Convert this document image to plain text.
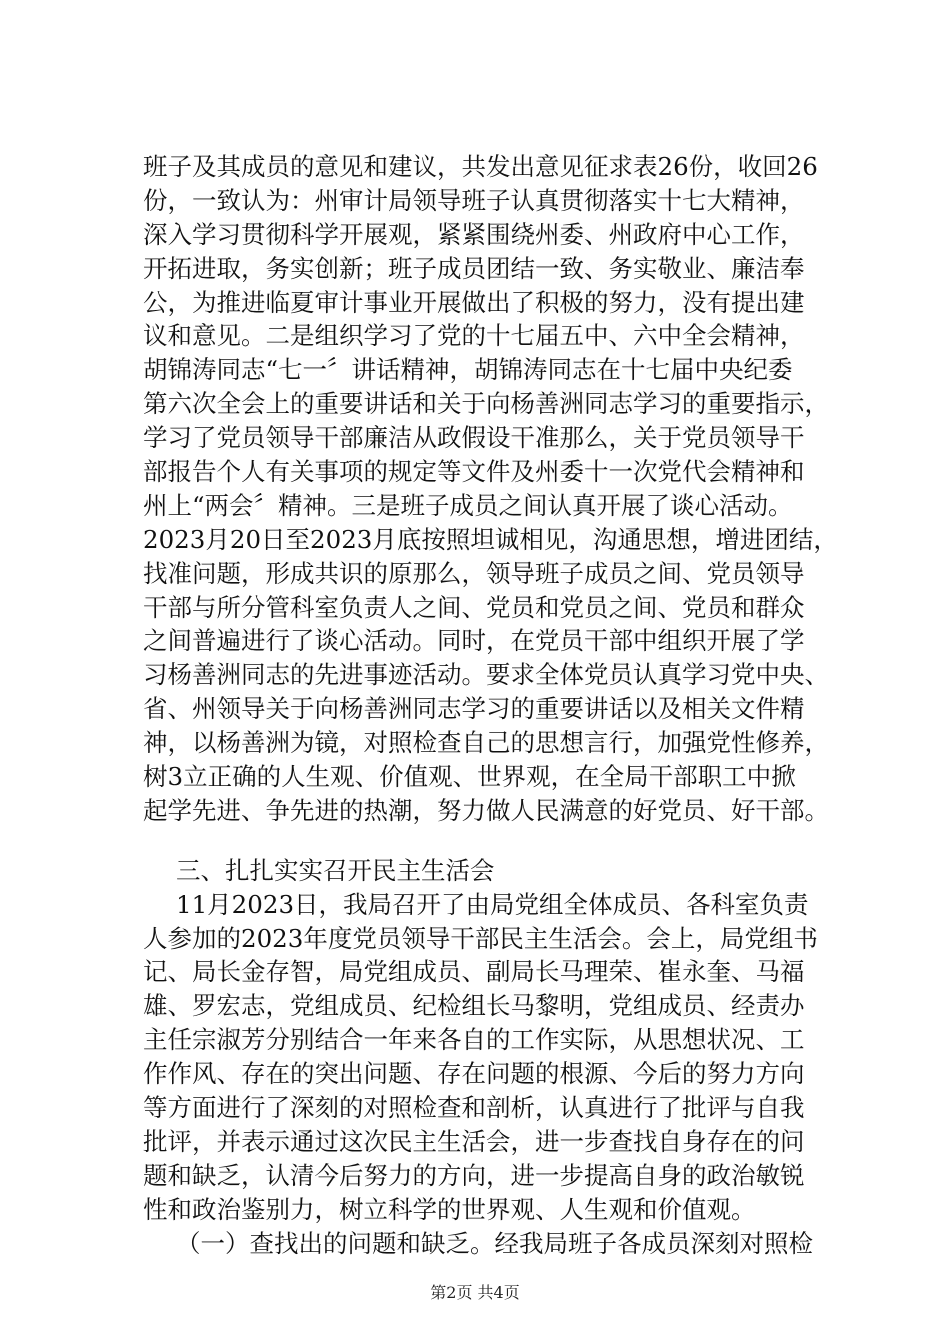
班子及其成员的意见和建议，共发出意见征求表26份，收回26
份，一致认为：州审计局领导班子认真贯彻落实十七大精神，
深入学习贯彻科学开展观，紧紧围绕州委、州政府中心工作，
开拓进取，务实创新；班子成员团结一致、务实敬业、廉洁奉
公，为推进临夏审计事业开展做出了积极的努力，没有提出建
议和意见。二是组织学习了党的十七届五中、六中全会精神，
胡锦涛同志“七一〞讲话精神，胡锦涛同志在十七届中央纪委
第六次全会上的重要讲话和关于向杨善洲同志学习的重要指示，
学习了党员领导干部廉洁从政假设干准那么，关于党员领导干
部报告个人有关事项的规定等文件及州委十一次党代会精神和
州上“两会〞精神。三是班子成员之间认真开展了谈心活动。
2023月20日至2023月底按照坦诚相见，沟通思想，增进团结，
找准问题，形成共识的原那么，领导班子成员之间、党员领导
干部与所分管科室负责人之间、党员和党员之间、党员和群众
之间普遍进行了谈心活动。同时，在党员干部中组织开展了学
习杨善洲同志的先进事迹活动。要求全体党员认真学习党中央、
省、州领导关于向杨善洲同志学习的重要讲话以及相关文件精
神，以杨善洲为镜，对照检查自己的思想言行，加强党性修养，
树3立正确的人生观、价值观、世界观，在全局干部职工中掀
起学先进、争先进的热潮，努力做人民满意的好党员、好干部。
三、扎扎实实召开民主生活会
11月2023日，我局召开了由局党组全体成员、各科室负责
人参加的2023年度党员领导干部民主生活会。会上，局党组书
记、局长金存智，局党组成员、副局长马理荣、崔永奎、马福
雄、罗宏志，党组成员、纪检组长马黎明，党组成员、经责办
主任宗淑芳分别结合一年来各自的工作实际，从思想状况、工
作作风、存在的突出问题、存在问题的根源、今后的努力方向
等方面进行了深刻的对照检查和剖析，认真进行了批评与自我
批评，并表示通过这次民主生活会，进一步查找自身存在的问
题和缺乏，认清今后努力的方向，进一步提高自身的政治敏锐
性和政治鉴别力，树立科学的世界观、人生观和价值观。
（一）查找出的问题和缺乏。经我局班子各成员深刻对照检
第2页 共4页
